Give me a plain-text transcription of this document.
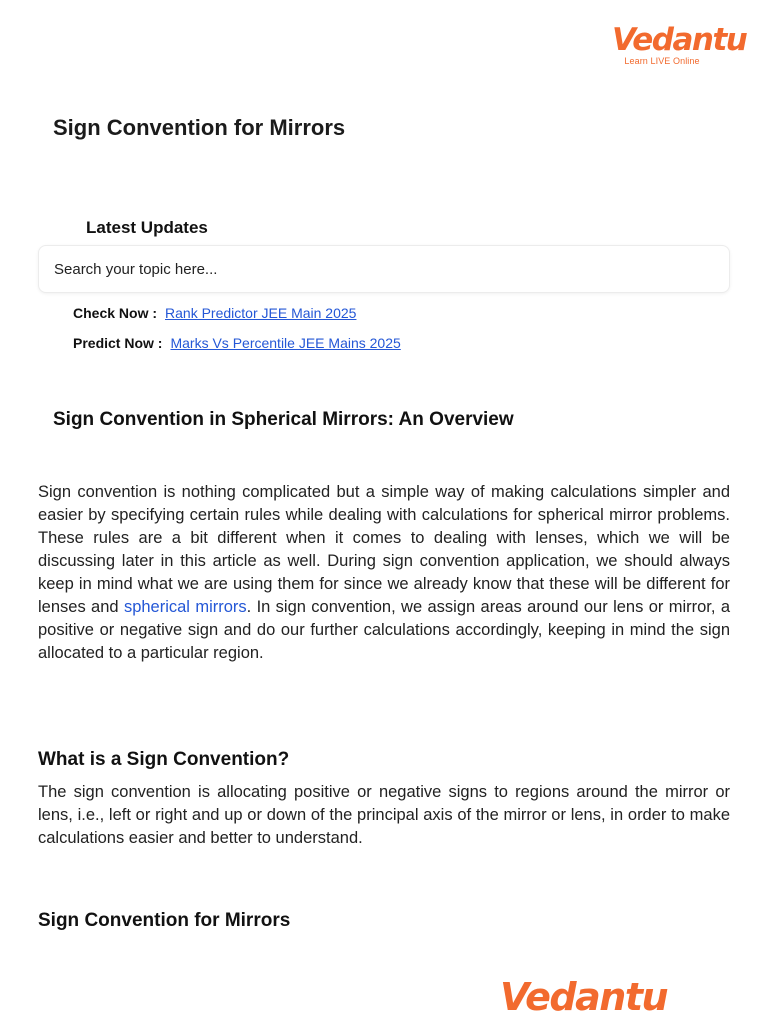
Vedantu
Learn LIVE Online
Sign Convention for Mirrors
Latest Updates
Search your topic here...
Check Now : Rank Predictor JEE Main 2025
Predict Now : Marks Vs Percentile JEE Mains 2025
Sign Convention in Spherical Mirrors: An Overview

Sign convention is nothing complicated but a simple way of making calculations simpler and easier by specifying certain rules while dealing with calculations for spherical mirror problems. These rules are a bit different when it comes to dealing with lenses, which we will be discussing later in this article as well. During sign convention application, we should always keep in mind what we are using them for since we already know that these will be different for lenses and spherical mirrors. In sign convention, we assign areas around our lens or mirror, a positive or negative sign and do our further calculations accordingly, keeping in mind the sign allocated to a particular region.

What is a Sign Convention?

The sign convention is allocating positive or negative signs to regions around the mirror or lens, i.e., left or right and up or down of the principal axis of the mirror or lens, in order to make calculations easier and better to understand.

Sign Convention for Mirrors
Vedantu
